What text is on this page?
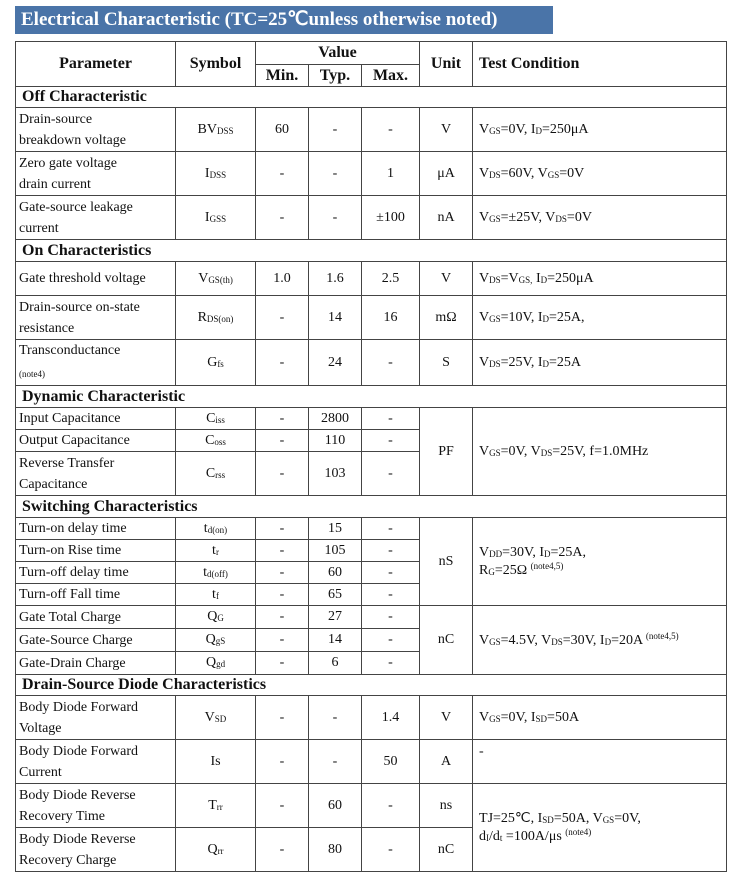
Electrical Characteristic (TC=25℃unless otherwise noted)
Parameter	Symbol	Value			Unit	Test Condition
		Min.	Typ.	Max.		
Off Characteristic						
Drain-source
breakdown voltage	BVDSS	60	-	-	V	VGS=0V, ID=250μA
Zero gate voltage
drain current	IDSS	-	-	1	μA	VDS=60V, VGS=0V
Gate-source leakage
current	IGSS	-	-	±100	nA	VGS=±25V, VDS=0V
On Characteristics						
Gate threshold voltage	VGS(th)	1.0	1.6	2.5	V	VDS=VGS, ID=250μA
Drain-source on-state
resistance	RDS(on)	-	14	16	mΩ	VGS=10V, ID=25A,
Transconductance
(note4)	Gfs	-	24	-	S	VDS=25V, ID=25A
Dynamic Characteristic						
Input Capacitance	Ciss	-	2800	-	PF	VGS=0V, VDS=25V, f=1.0MHz
Output Capacitance	Coss	-	110	-		
Reverse Transfer
Capacitance	Crss	-	103	-		
Switching Characteristics						
Turn-on delay time	td(on)	-	15	-	nS	VDD=30V, ID=25A,
RG=25Ω $^{(note4,5)}$
Turn-on Rise time	tr	-	105	-		
Turn-off delay time	td(off)	-	60	-		
Turn-off Fall time	tf	-	65	-		
Gate Total Charge	QG	-	27	-	nC	VGS=4.5V, VDS=30V, ID=20A $^{(note4,5)}$
Gate-Source Charge	QgS	-	14	-		
Gate-Drain Charge	Qgd	-	6	-		
Drain-Source Diode Characteristics						
Body Diode Forward
Voltage	VSD	-	-	1.4	V	VGS=0V, ISD=50A
Body Diode Forward
Current	Is	-	-	50	A	-
Body Diode Reverse
Recovery Time	Trr	-	60	-	ns	TJ=25℃, ISD=50A, VGS=0V,
dI/dt =100A/μs $^{(note4)}$
Body Diode Reverse
Recovery Charge	Qrr	-	80	-	nC	
